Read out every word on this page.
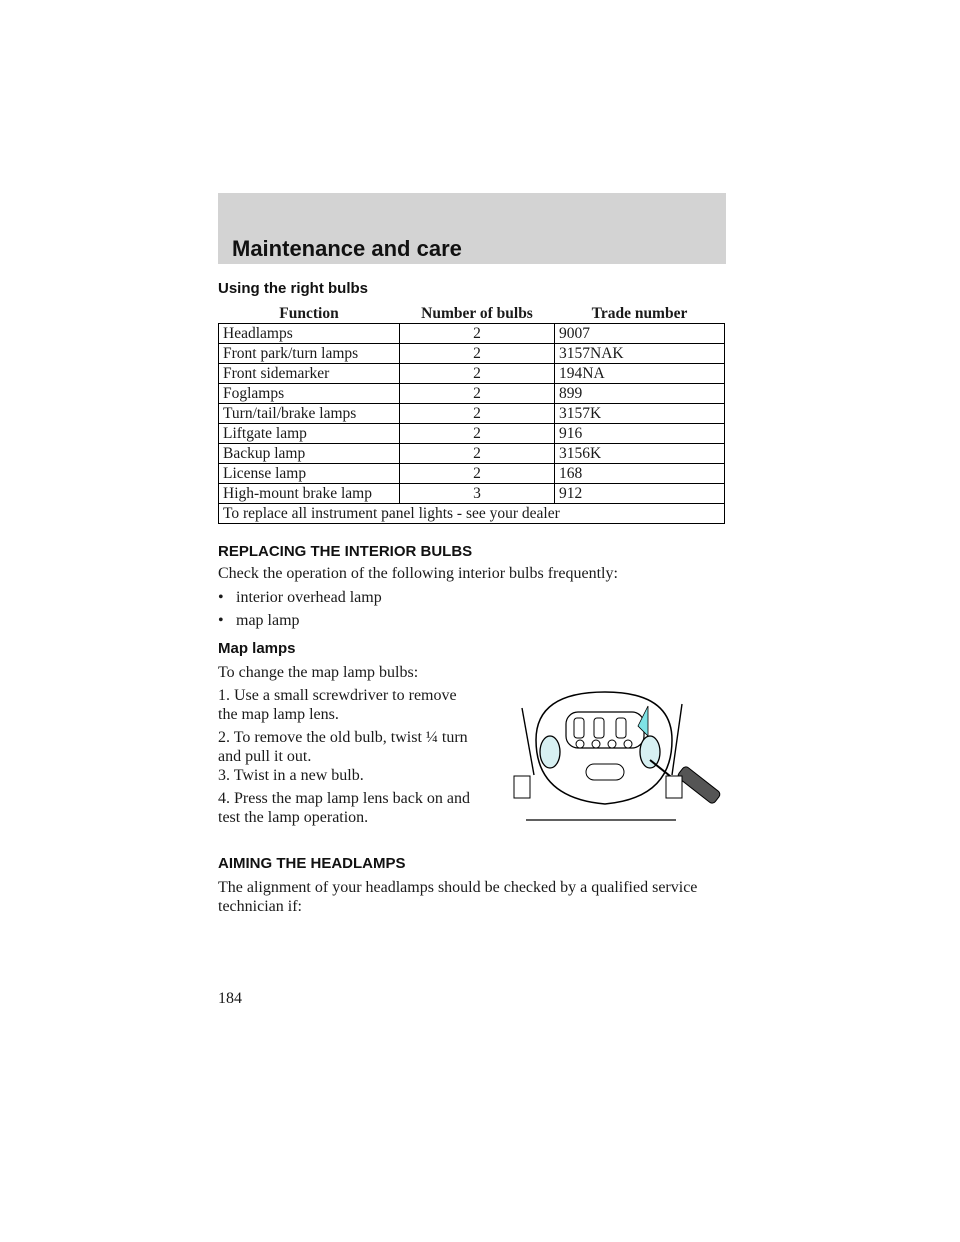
Maintenance and care
Using the right bulbs
Function	Number of bulbs	Trade number
Headlamps	2	9007
Front park/turn lamps	2	3157NAK
Front sidemarker	2	194NA
Foglamps	2	899
Turn/tail/brake lamps	2	3157K
Liftgate lamp	2	916
Backup lamp	2	3156K
License lamp	2	168
High-mount brake lamp	3	912
To replace all instrument panel lights - see your dealer		
REPLACING THE INTERIOR BULBS
Check the operation of the following interior bulbs frequently:
• interior overhead lamp
• map lamp
Map lamps
To change the map lamp bulbs:
1. Use a small screwdriver to remove the map lamp lens.
2. To remove the old bulb, twist ¼ turn and pull it out.
3. Twist in a new bulb.
4. Press the map lamp lens back on and test the lamp operation.
AIMING THE HEADLAMPS
The alignment of your headlamps should be checked by a qualified service technician if:
184
